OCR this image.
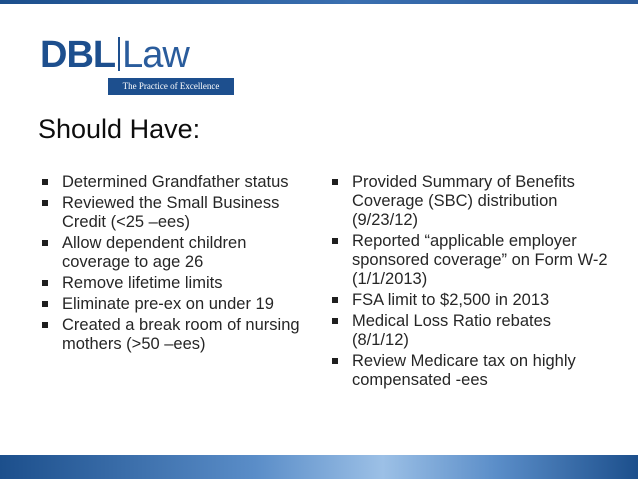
DBL Law
The Practice of Excellence
Should Have:
Determined Grandfather status
Reviewed the Small Business Credit (<25 –ees)
Allow dependent children coverage to age 26
Remove lifetime limits
Eliminate pre-ex on under 19
Created a break room of nursing mothers (>50 –ees)
Provided Summary of Benefits Coverage (SBC) distribution (9/23/12)
Reported “applicable employer sponsored coverage” on Form W-2 (1/1/2013)
FSA limit to $2,500 in 2013
Medical Loss Ratio rebates (8/1/12)
Review Medicare tax on highly compensated -ees
